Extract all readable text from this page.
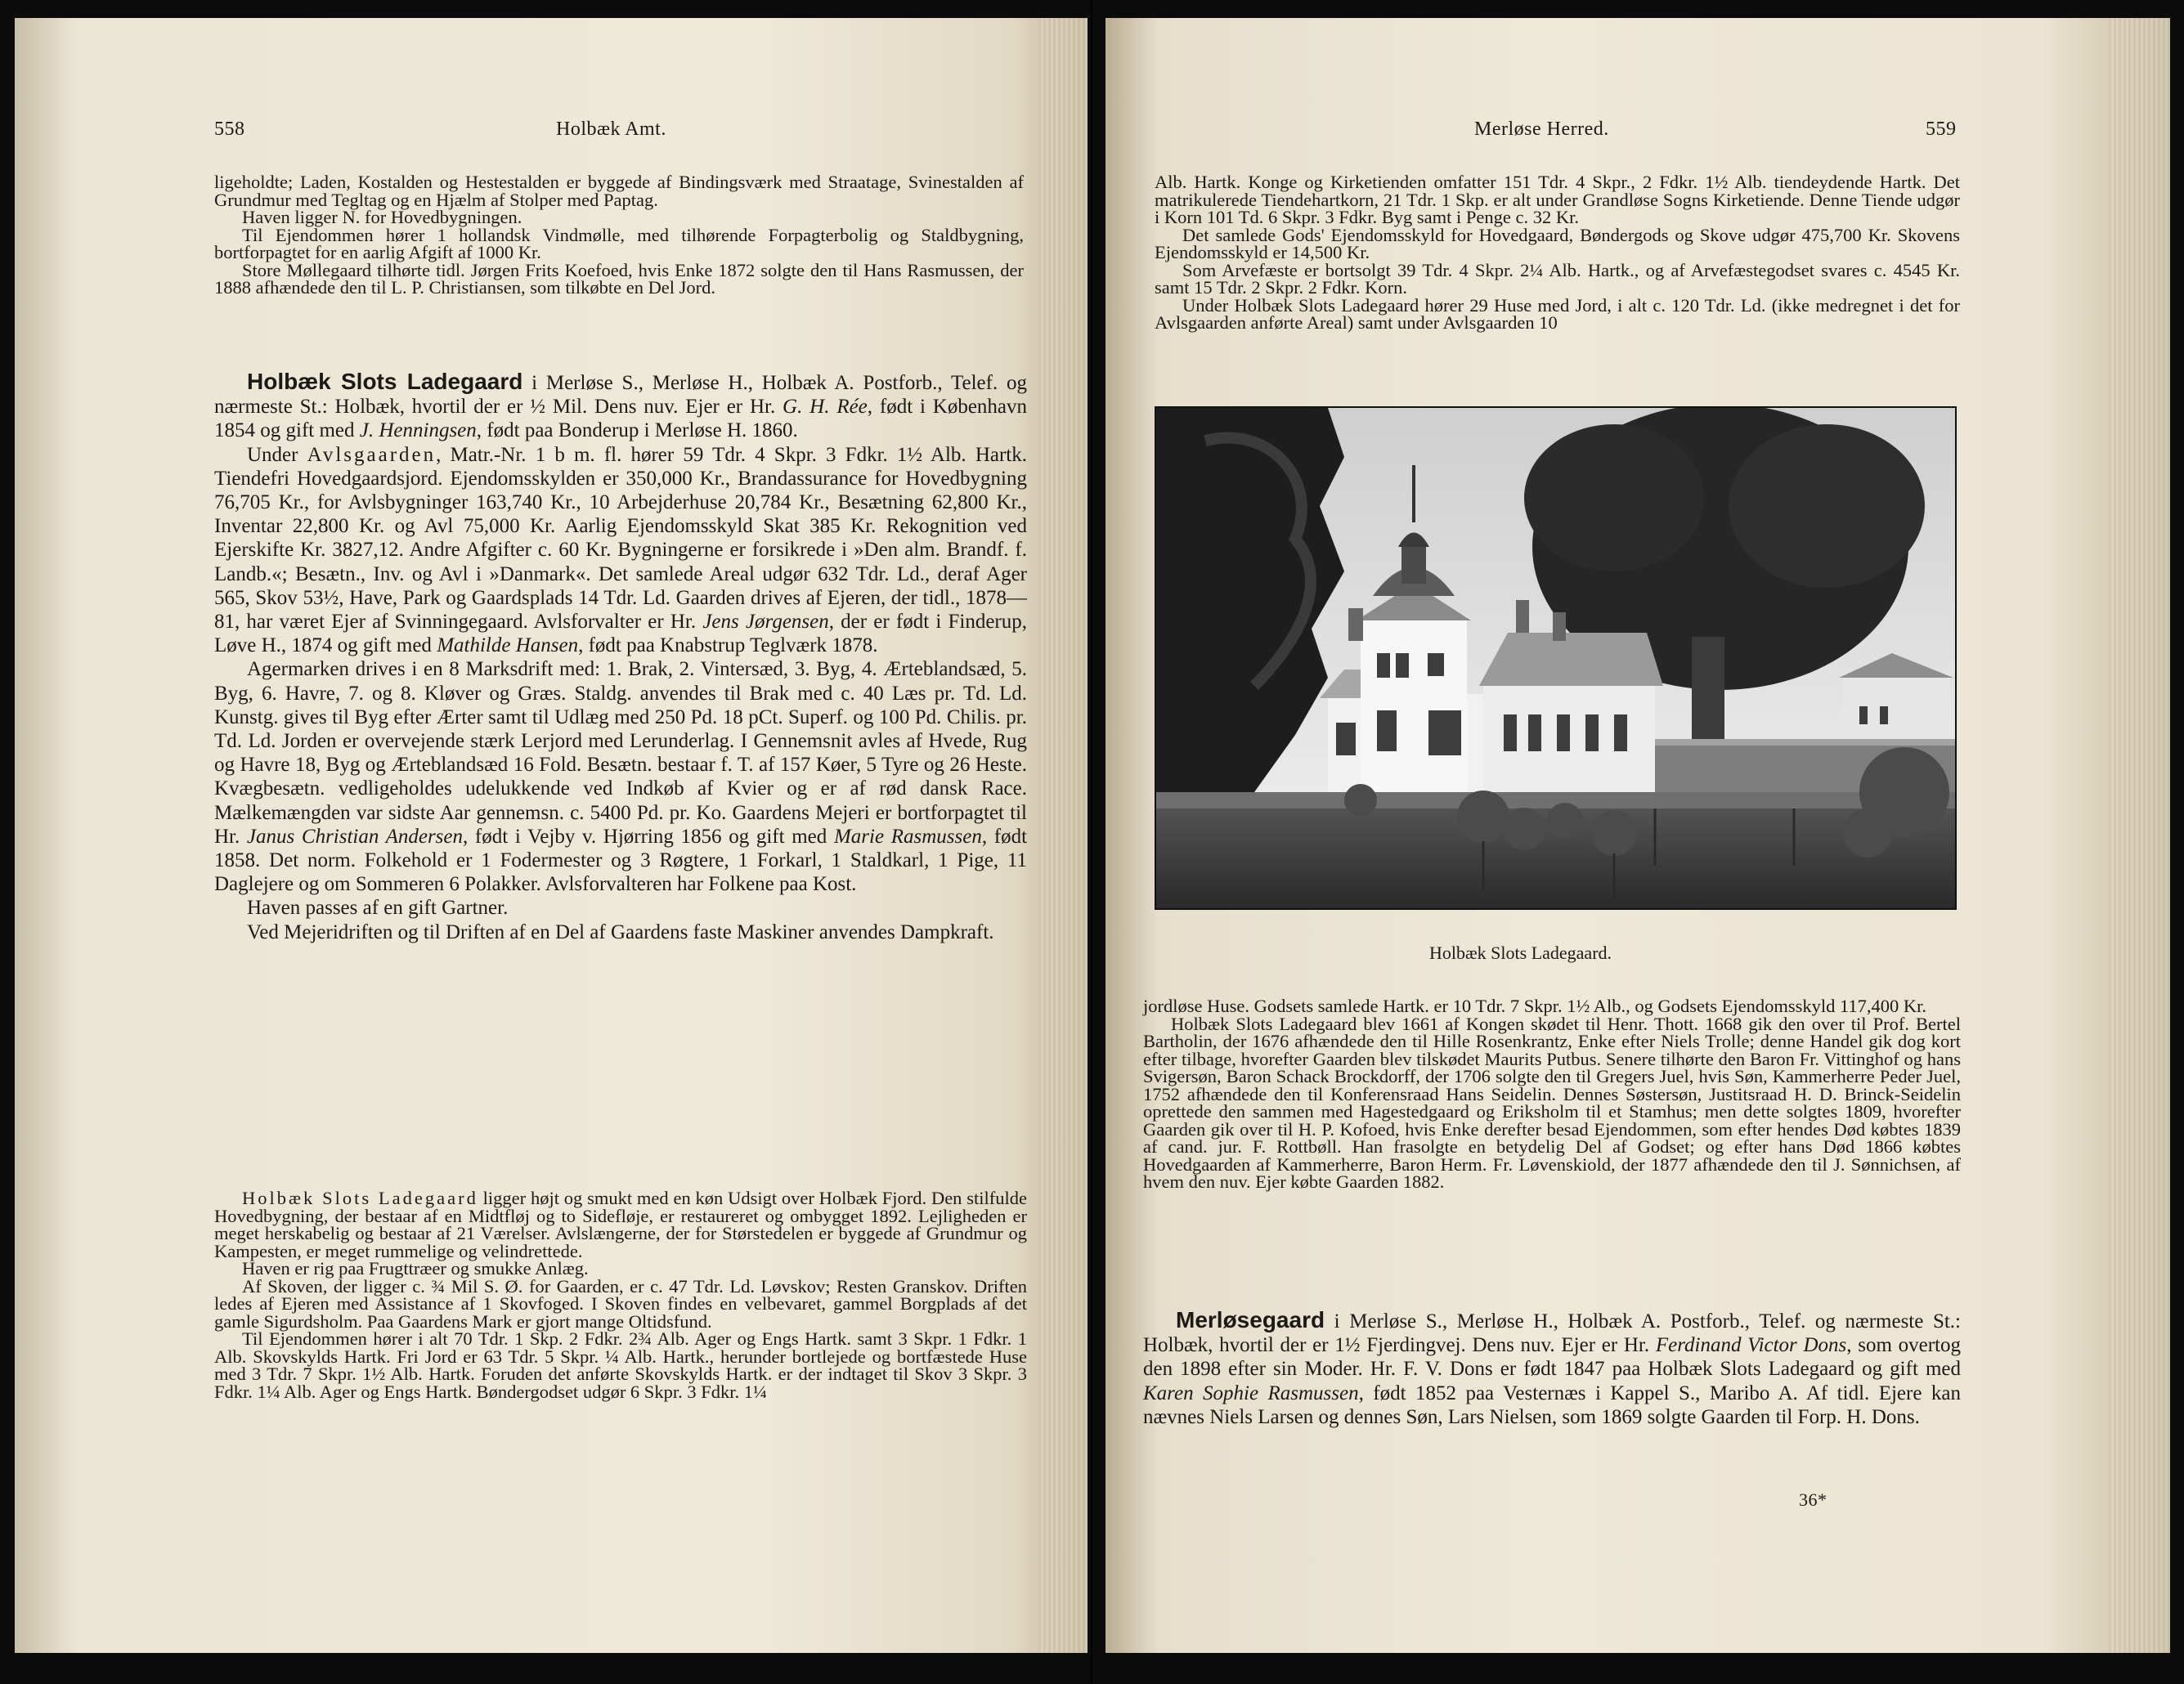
558	Holbæk Amt.

ligeholdte; Laden, Kostalden og Hestestalden er byggede af Bindingsværk med Straatage, Svinestalden af Grundmur med Tegltag og en Hjælm af Stolper med Paptag.

Haven ligger N. for Hovedbygningen.

Til Ejendommen hører 1 hollandsk Vindmølle, med tilhørende Forpagterbolig og Staldbygning, bortforpagtet for en aarlig Afgift af 1000 Kr.

Store Møllegaard tilhørte tidl. Jørgen Frits Koefoed, hvis Enke 1872 solgte den til Hans Rasmussen, der 1888 afhændede den til L. P. Christiansen, som tilkøbte en Del Jord.

Holbæk Slots Ladegaard i Merløse S., Merløse H., Holbæk A. Postforb., Telef. og nærmeste St.: Holbæk, hvortil der er ½ Mil. Dens nuv. Ejer er Hr. G. H. Rée, født i København 1854 og gift med J. Henningsen, født paa Bonderup i Merløse H. 1860.

Under Avlsgaarden, Matr.-Nr. 1 b m. fl. hører 59 Tdr. 4 Skpr. 3 Fdkr. 1½ Alb. Hartk. Tiendefri Hovedgaardsjord. Ejendomsskylden er 350,000 Kr., Brandassurance for Hovedbygning 76,705 Kr., for Avlsbygninger 163,740 Kr., 10 Arbejderhuse 20,784 Kr., Besætning 62,800 Kr., Inventar 22,800 Kr. og Avl 75,000 Kr. Aarlig Ejendomsskyld Skat 385 Kr. Rekognition ved Ejerskifte Kr. 3827,12. Andre Afgifter c. 60 Kr. Bygningerne er forsikrede i »Den alm. Brandf. f. Landb.«; Besætn., Inv. og Avl i »Danmark«. Det samlede Areal udgør 632 Tdr. Ld., deraf Ager 565, Skov 53½, Have, Park og Gaardsplads 14 Tdr. Ld. Gaarden drives af Ejeren, der tidl., 1878—81, har været Ejer af Svinningegaard. Avlsforvalter er Hr. Jens Jørgensen, der er født i Finderup, Løve H., 1874 og gift med Mathilde Hansen, født paa Knabstrup Teglværk 1878.

Agermarken drives i en 8 Marksdrift med: 1. Brak, 2. Vintersæd, 3. Byg, 4. Ærteblandsæd, 5. Byg, 6. Havre, 7. og 8. Kløver og Græs. Staldg. anvendes til Brak med c. 40 Læs pr. Td. Ld. Kunstg. gives til Byg efter Ærter samt til Udlæg med 250 Pd. 18 pCt. Superf. og 100 Pd. Chilis. pr. Td. Ld. Jorden er overvejende stærk Lerjord med Lerunderlag. I Gennemsnit avles af Hvede, Rug og Havre 18, Byg og Ærteblandsæd 16 Fold. Besætn. bestaar f. T. af 157 Køer, 5 Tyre og 26 Heste. Kvægbesætn. vedligeholdes udelukkende ved Indkøb af Kvier og er af rød dansk Race. Mælkemængden var sidste Aar gennemsn. c. 5400 Pd. pr. Ko. Gaardens Mejeri er bortforpagtet til Hr. Janus Christian Andersen, født i Vejby v. Hjørring 1856 og gift med Marie Rasmussen, født 1858. Det norm. Folkehold er 1 Fodermester og 3 Røgtere, 1 Forkarl, 1 Staldkarl, 1 Pige, 11 Daglejere og om Sommeren 6 Polakker. Avlsforvalteren har Folkene paa Kost.

Haven passes af en gift Gartner.

Ved Mejeridriften og til Driften af en Del af Gaardens faste Maskiner anvendes Dampkraft.

Holbæk Slots Ladegaard ligger højt og smukt med en køn Udsigt over Holbæk Fjord. Den stilfulde Hovedbygning, der bestaar af en Midtfløj og to Sidefløje, er restaureret og ombygget 1892. Lejligheden er meget herskabelig og bestaar af 21 Værelser. Avlslængerne, der for Størstedelen er byggede af Grundmur og Kampesten, er meget rummelige og velindrettede.

Haven er rig paa Frugttræer og smukke Anlæg.

Af Skoven, der ligger c. ¾ Mil S. Ø. for Gaarden, er c. 47 Tdr. Ld. Løvskov; Resten Granskov. Driften ledes af Ejeren med Assistance af 1 Skovfoged. I Skoven findes en velbevaret, gammel Borgplads af det gamle Sigurdsholm. Paa Gaardens Mark er gjort mange Oltidsfund.

Til Ejendommen hører i alt 70 Tdr. 1 Skp. 2 Fdkr. 2¾ Alb. Ager og Engs Hartk. samt 3 Skpr. 1 Fdkr. 1 Alb. Skovskylds Hartk. Fri Jord er 63 Tdr. 5 Skpr. ¼ Alb. Hartk., herunder bortlejede og bortfæstede Huse med 3 Tdr. 7 Skpr. 1½ Alb. Hartk. Foruden det anførte Skovskylds Hartk. er der indtaget til Skov 3 Skpr. 3 Fdkr. 1¼ Alb. Ager og Engs Hartk. Bøndergodset udgør 6 Skpr. 3 Fdkr. 1¼

Merløse Herred.	559

Alb. Hartk. Konge og Kirketienden omfatter 151 Tdr. 4 Skpr., 2 Fdkr. 1½ Alb. tiendeydende Hartk. Det matrikulerede Tiendehartkorn, 21 Tdr. 1 Skp. er alt under Grandløse Sogns Kirketiende. Denne Tiende udgør i Korn 101 Td. 6 Skpr. 3 Fdkr. Byg samt i Penge c. 32 Kr.

Det samlede Gods' Ejendomsskyld for Hovedgaard, Bøndergods og Skove udgør 475,700 Kr. Skovens Ejendomsskyld er 14,500 Kr.

Som Arvefæste er bortsolgt 39 Tdr. 4 Skpr. 2¼ Alb. Hartk., og af Arvefæstegodset svares c. 4545 Kr. samt 15 Tdr. 2 Skpr. 2 Fdkr. Korn.

Under Holbæk Slots Ladegaard hører 29 Huse med Jord, i alt c. 120 Tdr. Ld. (ikke medregnet i det for Avlsgaarden anførte Areal) samt under Avlsgaarden 10

Holbæk Slots Ladegaard.

jordløse Huse. Godsets samlede Hartk. er 10 Tdr. 7 Skpr. 1½ Alb., og Godsets Ejendomsskyld 117,400 Kr.

Holbæk Slots Ladegaard blev 1661 af Kongen skødet til Henr. Thott. 1668 gik den over til Prof. Bertel Bartholin, der 1676 afhændede den til Hille Rosenkrantz, Enke efter Niels Trolle; denne Handel gik dog kort efter tilbage, hvorefter Gaarden blev tilskødet Maurits Putbus. Senere tilhørte den Baron Fr. Vittinghof og hans Svigersøn, Baron Schack Brockdorff, der 1706 solgte den til Gregers Juel, hvis Søn, Kammerherre Peder Juel, 1752 afhændede den til Konferensraad Hans Seidelin. Dennes Søstersøn, Justitsraad H. D. Brinck-Seidelin oprettede den sammen med Hagestedgaard og Eriksholm til et Stamhus; men dette solgtes 1809, hvorefter Gaarden gik over til H. P. Kofoed, hvis Enke derefter besad Ejendommen, som efter hendes Død købtes 1839 af cand. jur. F. Rottbøll. Han frasolgte en betydelig Del af Godset; og efter hans Død 1866 købtes Hovedgaarden af Kammerherre, Baron Herm. Fr. Løvenskiold, der 1877 afhændede den til J. Sønnichsen, af hvem den nuv. Ejer købte Gaarden 1882.

Merløsegaard i Merløse S., Merløse H., Holbæk A. Postforb., Telef. og nærmeste St.: Holbæk, hvortil der er 1½ Fjerdingvej. Dens nuv. Ejer er Hr. Ferdinand Victor Dons, som overtog den 1898 efter sin Moder. Hr. F. V. Dons er født 1847 paa Holbæk Slots Ladegaard og gift med Karen Sophie Rasmussen, født 1852 paa Vesternæs i Kappel S., Maribo A. Af tidl. Ejere kan nævnes Niels Larsen og dennes Søn, Lars Nielsen, som 1869 solgte Gaarden til Forp. H. Dons.

36*
